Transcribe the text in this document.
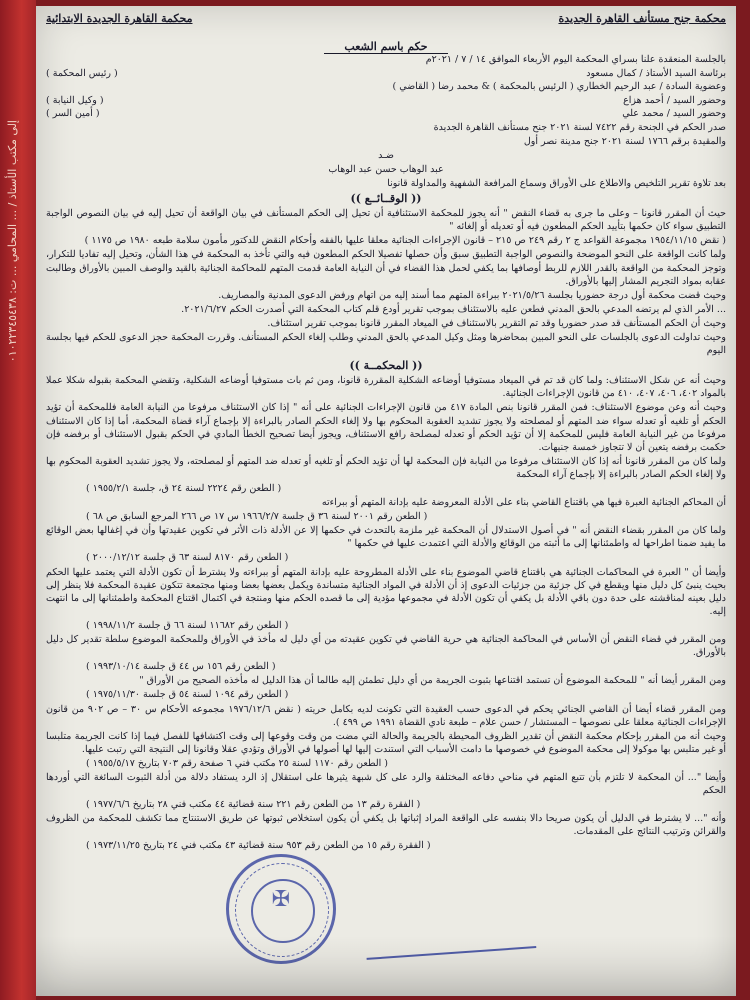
إلى مكتب الأستاذ / ... المحامي ... ت: ٠١٠٢٢٣٤٥٤٣٨
محكمة جنح مستأنف القاهرة الجديدة
محكمة القاهرة الجديدة الابتدائية
حكم باسم الشعب

بالجلسة المنعقدة علنا بسراي المحكمة اليوم الأربعاء الموافق ١٤ / ٧ / ٢٠٢١م

برئاسة السيد الأستاذ / كمال مسعود
( رئيس المحكمة )

وعضوية السادة / عبد الرحيم الخطاري ( الرئيس بالمحكمة ) & محمد رضا ( القاضي )

وحضور السيد / أحمد هزاع
( وكيل النيابة )
وحضور السيد / محمد علي
( أمين السر )

صدر الحكم في الجنحة رقم ٧٤٢٢ لسنة ٢٠٢١ جنح مستأنف القاهرة الجديدة

والمقيدة برقم ١٧٦٦ لسنة ٢٠٢١ جنح مدينة نصر أول

ضـد

عبد الوهاب حسن عبد الوهاب

بعد تلاوة تقرير التلخيص والاطلاع على الأوراق وسماع المرافعة الشفهية والمداولة قانونا

(( الوقــائــع ))

حيث أن المقرر قانونا – وعلى ما جرى به قضاء النقض " أنه يجوز للمحكمة الاستئنافية أن تحيل إلى الحكم المستأنف في بيان الواقعة أن تحيل إليه في بيان النصوص الواجبة التطبيق سواء كان حكمها بتأييد الحكم المطعون فيه أو تعديله أو إلغائه "

( نقض ١٩٥٤/١١/١٥ مجموعة القواعد ج ٢ رقم ٢٤٩ ص ٢١٥ – قانون الإجراءات الجنائية معلقا عليها بالفقه وأحكام النقض للدكتور مأمون سلامة طبعه ١٩٨٠ ص ١١٧٥ )

ولما كانت الواقعة على النحو الموضحة والنصوص الواجبة التطبيق سبق وأن حصلها تفصيلا الحكم المطعون فيه والتي تأخذ به المحكمة في هذا الشأن، وتحيل إليه تفاديا للتكرار، وتوجز المحكمة من الواقعة بالقدر اللازم للربط أوصافها بما يكفي لحمل هذا القضاء في أن النيابة العامة قدمت المتهم للمحاكمة الجنائية بالقيد والوصف المبين بالأوراق وطالبت عقابه بمواد التجريم المشار إليها بالأوراق.

وحيث قضت محكمة أول درجة حضوريا بجلسة ٢٠٢١/٥/٢٦ ببراءة المتهم مما أسند إليه من اتهام ورفض الدعوى المدنية والمصاريف.

... الأمر الذي لم يرتضه المدعي بالحق المدني فطعن عليه بالاستئناف بموجب تقرير أودع قلم كتاب المحكمة التي أصدرت الحكم ٢٠٢١/٦/٢٧.

وحيث أن الحكم المستأنف قد صدر حضوريا وقد تم التقرير بالاستئناف في الميعاد المقرر قانونا بموجب تقرير استئناف.

وحيث تداولت الدعوى بالجلسات على النحو المبين بمحاضرها ومثل وكيل المدعي بالحق المدني وطلب إلغاء الحكم المستأنف. وقررت المحكمة حجز الدعوى للحكم فيها بجلسة اليوم

(( المحكمــة ))

وحيث أنه عن شكل الاستئناف: ولما كان قد تم في الميعاد مستوفيا أوضاعه الشكلية المقررة قانونا، ومن ثم بات مستوفيا أوضاعه الشكلية، وتقضي المحكمة بقبوله شكلا عملا بالمواد ٤٠٢، ٤٠٦، ٤٠٧، ٤١٠ من قانون الإجراءات الجنائية.

وحيث أنه وعن موضوع الاستئناف: فمن المقرر قانونا بنص المادة ٤١٧ من قانون الإجراءات الجنائية على أنه " إذا كان الاستئناف مرفوعا من النيابة العامة فللمحكمة أن تؤيد الحكم أو تلغيه أو تعدله سواء ضد المتهم أو لمصلحته ولا يجوز تشديد العقوبة المحكوم بها ولا إلغاء الحكم الصادر بالبراءة إلا بإجماع آراء قضاة المحكمة، أما إذا كان الاستئناف مرفوعا من غير النيابة العامة فليس للمحكمة إلا أن تؤيد الحكم أو تعدله لمصلحة رافع الاستئناف، ويجوز أيضا تصحيح الخطأ المادي في الحكم بقبول الاستئناف أو برفضه فإن حكمت برفضه يتعين أن لا تتجاوز خمسة جنيهات.

ولما كان من المقرر قانونا أنه إذا كان الاستئناف مرفوعا من النيابة فإن المحكمة لها أن تؤيد الحكم أو تلغيه أو تعدله ضد المتهم أو لمصلحته، ولا يجوز تشديد العقوبة المحكوم بها ولا إلغاء الحكم الصادر بالبراءة إلا بإجماع آراء المحكمة

( الطعن رقم ٢٢٢٤ لسنة ٢٤ ق، جلسة ١٩٥٥/٢/١ )

أن المحاكم الجنائية العبرة فيها هي باقتناع القاضي بناء على الأدلة المعروضة عليه بإدانة المتهم أو ببراءته

( الطعن رقم ٢٠٠١ لسنة ٣٦ ق جلسة ١٩٦٦/٢/٧ س ١٧ ص ٢٦٦ المرجع السابق ص ٦٨ )

ولما كان من المقرر بقضاء النقض أنه " في أصول الاستدلال أن المحكمة غير ملزمة بالتحدث في حكمها إلا عن الأدلة ذات الأثر في تكوين عقيدتها وأن في إغفالها بعض الوقائع ما يفيد ضمنا اطراحها له واطمئنانها إلى ما أثبته من الوقائع والأدلة التي اعتمدت عليها في حكمها "

( الطعن رقم ٨١٧٠ لسنة ٦٣ ق جلسة ٢٠٠٠/١٢/١٢ )

وأيضا أن " العبرة في المحاكمات الجنائية هي باقتناع قاضي الموضوع بناء على الأدلة المطروحة عليه بإدانة المتهم أو ببراءته ولا يشترط أن تكون الأدلة التي يعتمد عليها الحكم بحيث ينبئ كل دليل منها ويقطع في كل جزئية من جزئيات الدعوى إذ أن الأدلة في المواد الجنائية متساندة ويكمل بعضها بعضا ومنها مجتمعة تتكون عقيدة المحكمة فلا ينظر إلى دليل بعينه لمناقشته على حدة دون باقي الأدلة بل يكفي أن تكون الأدلة في مجموعها مؤدية إلى ما قصده الحكم منها ومنتجة في اكتمال اقتناع المحكمة واطمئنانها إلى ما انتهت إليه.

( الطعن رقم ١١٦٨٢ لسنة ٦٦ ق جلسة ١٩٩٨/١١/٢ )

ومن المقرر في قضاء النقض أن الأساس في المحاكمة الجنائية هي حرية القاضي في تكوين عقيدته من أي دليل له مأخذ في الأوراق وللمحكمة الموضوع سلطة تقدير كل دليل بالأوراق.

( الطعن رقم ١٥٦ س ٤٤ ق جلسة ١٩٩٣/١٠/١٤ )

ومن المقرر أيضا أنه " للمحكمة الموضوع أن تستمد اقتناعها بثبوت الجريمة من أي دليل تطمئن إليه طالما أن هذا الدليل له مأخذه الصحيح من الأوراق "

( الطعن رقم ١٠٩٤ لسنة ٥٤ ق جلسة ١٩٧٥/١١/٣٠ )

ومن المقرر قضاء أيضا أن القاضي الجنائي يحكم في الدعوى حسب العقيدة التي تكونت لديه بكامل حريته ( نقض ١٩٧٦/١٢/٦ مجموعه الأحكام س ٣٠ – ص ٩٠٢ من قانون الإجراءات الجنائية معلقا على نصوصها – المستشار / حسن علام – طبعة نادي القضاة ١٩٩١ ص ٤٩٩ ).

وحيث أنه من المقرر بإحكام محكمة النقض أن تقدير الظروف المحيطة بالجريمة والحالة التي مضت من وقت وقوعها إلى وقت اكتشافها للفصل فيما إذا كانت الجريمة متلبسا أو غير متلبس بها موكولا إلى محكمة الموضوع في خصوصها ما دامت الأسباب التي استندت إليها لها أصولها في الأوراق وتؤدي عقلا وقانونا إلى النتيجة التي رتبت عليها.

( الطعن رقم ١١٧٠ لسنة ٢٥ مكتب فني ٦ صفحة رقم ٧٠٣ بتاريخ ١٩٥٥/٥/١٧ )

وأيضا "... أن المحكمة لا تلتزم بأن تتبع المتهم في مناحي دفاعه المختلفة والرد على كل شبهة يثيرها على استقلال إذ الرد يستفاد دلالة من أدلة الثبوت السائغة التي أوردها الحكم

( الفقرة رقم ١٣ من الطعن رقم ٢٢١ سنة قضائية ٤٤ مكتب فني ٢٨ بتاريخ ١٩٧٧/٦/٦ )

وأنه "... لا يشترط في الدليل أن يكون صريحا دالا بنفسه على الواقعة المراد إثباتها بل يكفي أن يكون استخلاص ثبوتها عن طريق الاستنتاج مما تكشف للمحكمة من الظروف والقرائن وترتيب النتائج على المقدمات.

( الفقرة رقم ١٥ من الطعن رقم ٩٥٣ سنة قضائية ٤٣ مكتب فني ٢٤ بتاريخ ١٩٧٣/١١/٢٥ )

✠
